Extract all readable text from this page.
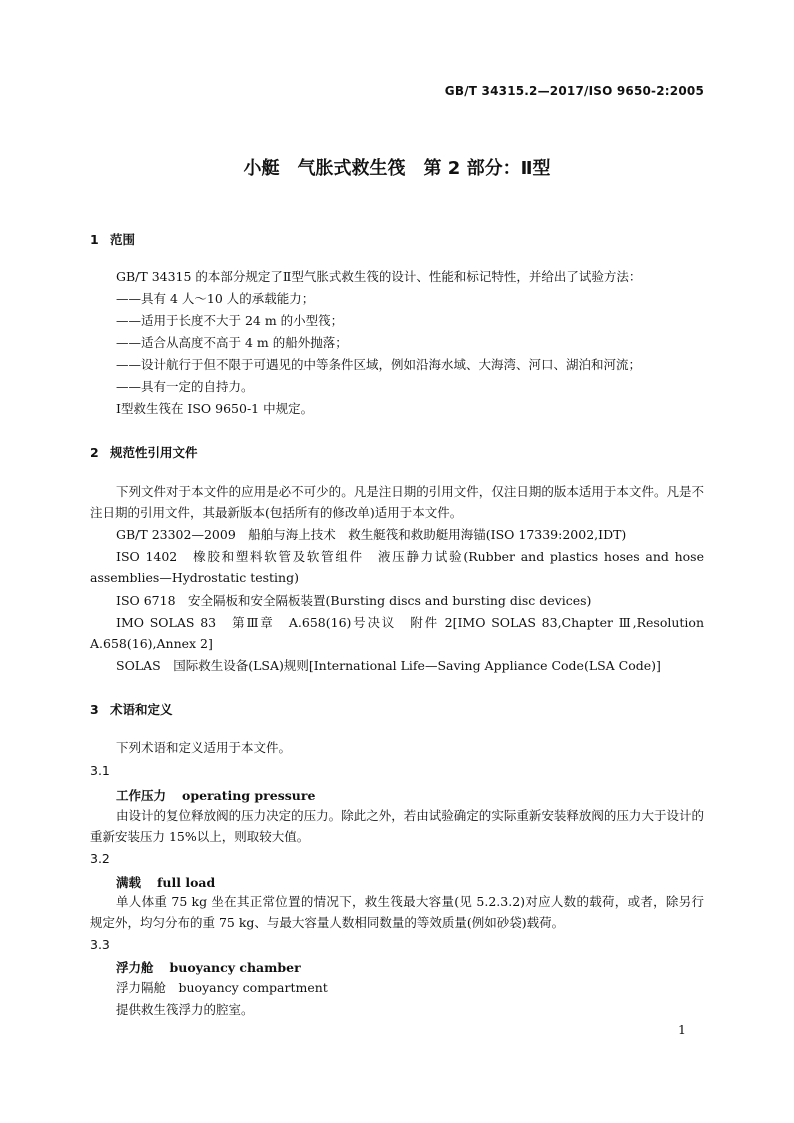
GB/T 34315.2—2017/ISO 9650-2:2005
小艇　气胀式救生筏　第 2 部分：Ⅱ型
1 范围
GB/T 34315 的本部分规定了Ⅱ型气胀式救生筏的设计、性能和标记特性，并给出了试验方法：
——具有 4 人～10 人的承载能力；
——适用于长度不大于 24 m 的小型筏；
——适合从高度不高于 4 m 的船外抛落；
——设计航行于但不限于可遇见的中等条件区域，例如沿海水域、大海湾、河口、湖泊和河流；
——具有一定的自持力。
Ⅰ型救生筏在 ISO 9650-1 中规定。
2 规范性引用文件
下列文件对于本文件的应用是必不可少的。凡是注日期的引用文件，仅注日期的版本适用于本文件。凡是不注日期的引用文件，其最新版本(包括所有的修改单)适用于本文件。
GB/T 23302—2009　船舶与海上技术　救生艇筏和救助艇用海锚(ISO 17339:2002,IDT)
ISO 1402　橡胶和塑料软管及软管组件　液压静力试验(Rubber and plastics hoses and hose assemblies—Hydrostatic testing)
ISO 6718　安全隔板和安全隔板装置(Bursting discs and bursting disc devices)
IMO SOLAS 83　第Ⅲ章　A.658(16)号决议　附件 2[IMO SOLAS 83,Chapter Ⅲ,Resolution A.658(16),Annex 2]
SOLAS　国际救生设备(LSA)规则[International Life—Saving Appliance Code(LSA Code)]
3 术语和定义
下列术语和定义适用于本文件。
3.1
工作压力 operating pressure
由设计的复位释放阀的压力决定的压力。除此之外，若由试验确定的实际重新安装释放阀的压力大于设计的重新安装压力 15%以上，则取较大值。
3.2
满载 full load
单人体重 75 kg 坐在其正常位置的情况下，救生筏最大容量(见 5.2.3.2)对应人数的载荷，或者，除另行规定外，均匀分布的重 75 kg、与最大容量人数相同数量的等效质量(例如砂袋)载荷。
3.3
浮力舱 buoyancy chamber
浮力隔舱　buoyancy compartment
提供救生筏浮力的腔室。
1
